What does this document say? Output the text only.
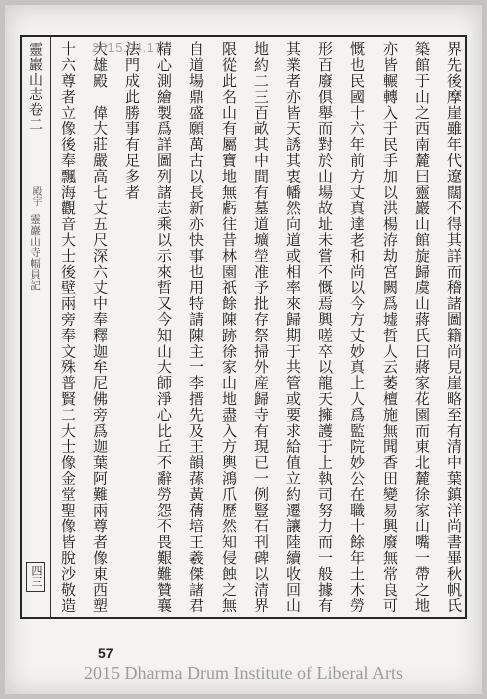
靈巖山志卷二
殿宇
靈巖山寺幅員記
四三	界先後摩崖雖年代遼闊不得其詳而稽諸圖籍尚見崖略至有清中葉鎮洋尚書畢秋帆氏
築館于山之西南麓曰靈巖山館旋歸虞山蔣氏曰蔣家花園而東北麓徐家山嘴一帶之地
亦皆輾轉入于民手加以洪楊洊劫宮闕爲墟哲人云萎檀施無聞香田變易興廢無常良可
慨也民國十六年前方丈真達老和尚以今方丈妙真上人爲監院妙公在職十餘年土木勞
形百廢俱舉而對於山場故址未嘗不慨焉興嗟卒以龍天擁護于上執司努力而一般據有
其業者亦皆天誘其衷幡然向道或相率來歸期于共管或要求給值立約遷讓陸續收回山
地約二三百畝其中間有墓道壙塋准予批存祭掃外産歸寺有現已一例豎石刊碑以清界
限從此名山有屬寶地無虧往昔林園祇餘陳跡徐家山地盡入方輿鴻爪歷然知侵蝕之無
自道場鼎盛願萬古以長新亦快事也用特請陳主一李搢先及王韻蓀黃蒨培王羲傑諸君
精心測繪製爲詳圖列諸志乘以示來哲又今知山大師淨心比丘不辭勞怨不畏艱難贊襄
法門成此勝事有足多者
大雄殿　偉大莊嚴高七丈五尺深六丈中奉釋迦牟尼佛旁爲迦葉阿難兩尊者像東西塑
十六尊者立像後奉飄海觀音大士後壁兩旁奉文殊普賢二大士像金堂聖像皆脫沙敬造 2015.04.17
57
2015 Dharma Drum Institute of Liberal Arts
